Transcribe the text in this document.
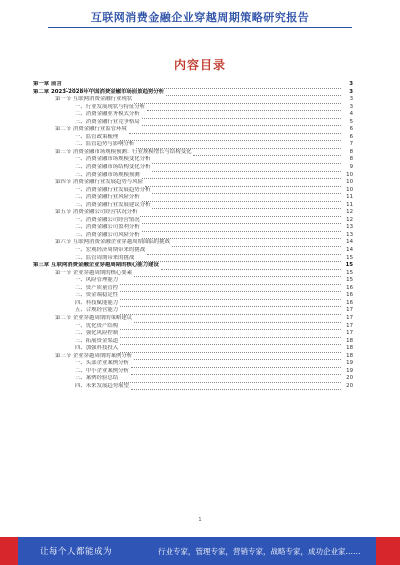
互联网消费金融企业穿越周期策略研究报告
内容目录
第一章 前言	3
第二章 2023-2028年中国消费金融市场前景趋势分析	3
第一节 互联网消费金融行业现状	3
一、行业发展现状与特征分析	3
二、消费金融业务模式分析	4
三、消费金融行业竞争格局	5
第二节 消费金融行业监管环境	6
一、监管政策梳理	6
二、监管趋势与影响分析	7
第三节 消费金融市场规模预测：行业规模增长与结构变化	8
一、消费金融市场规模变化分析	8
二、消费金融市场结构变化分析	9
三、消费金融市场规模预测	10
第四节 消费金融行业发展趋势与风险	10
一、消费金融行业发展趋势分析	10
二、消费金融行业风险分析	11
三、消费金融行业发展建议分析	11
第五节 消费金融公司经营状况分析	12
一、消费金融公司经营情况	12
二、消费金融公司盈利分析	13
三、消费金融公司风险分析	13
第六节 互联网消费金融企业穿越周期面临的挑战	14
一、宏观经济周期带来的挑战	14
二、监管周期带来的挑战	15
第三章 互联网消费金融企业穿越周期的核心能力建设	15
第一节 企业穿越周期的核心要素	15
一、风险管理能力	15
二、资产质量管控	16
三、资金端稳定性	16
四、科技赋能能力	16
五、合规经营能力	17
第二节 企业穿越周期的策略建议	17
一、优化资产结构	17
二、强化风险控制	17
三、拓展资金渠道	18
四、加强科技投入	18
第三节 企业穿越周期的案例分析	18
一、头部企业案例分析	19
二、中小企业案例分析	19
三、案例经验总结	20
四、未来发展趋势展望	20
1
让每个人都能成为	行业专家，管理专家，营销专家，战略专家，成功企业家……
